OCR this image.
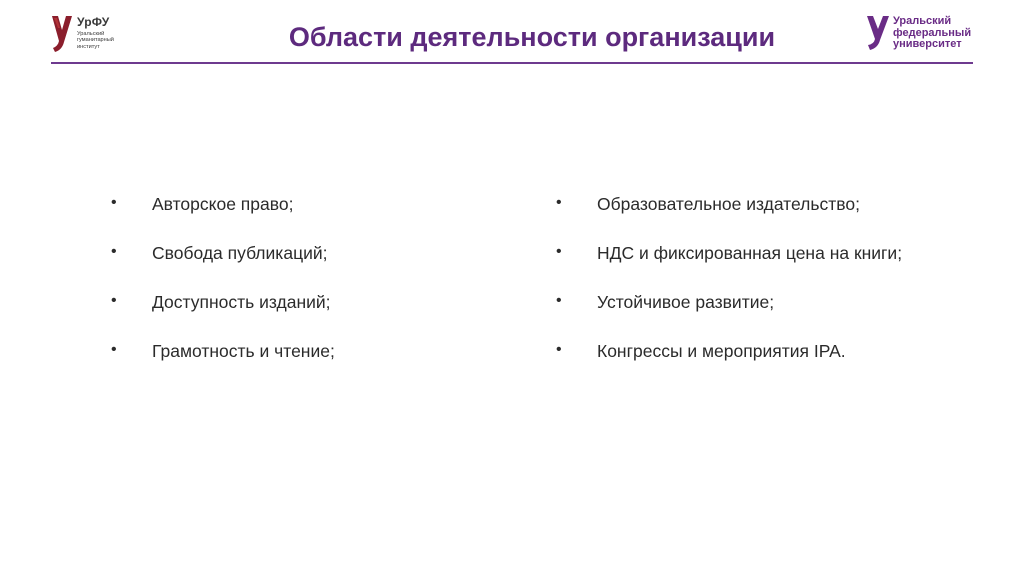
УрФУ
Уральский
гуманитарный
институт	Области деятельности организации
Уральский
федеральный
университет
• Авторское право;
• Свобода публикаций;
• Доступность изданий;
• Грамотность и чтение;
• Образовательное издательство;
• НДС и фиксированная цена на книги;
• Устойчивое развитие;
• Конгрессы и мероприятия IPA.
